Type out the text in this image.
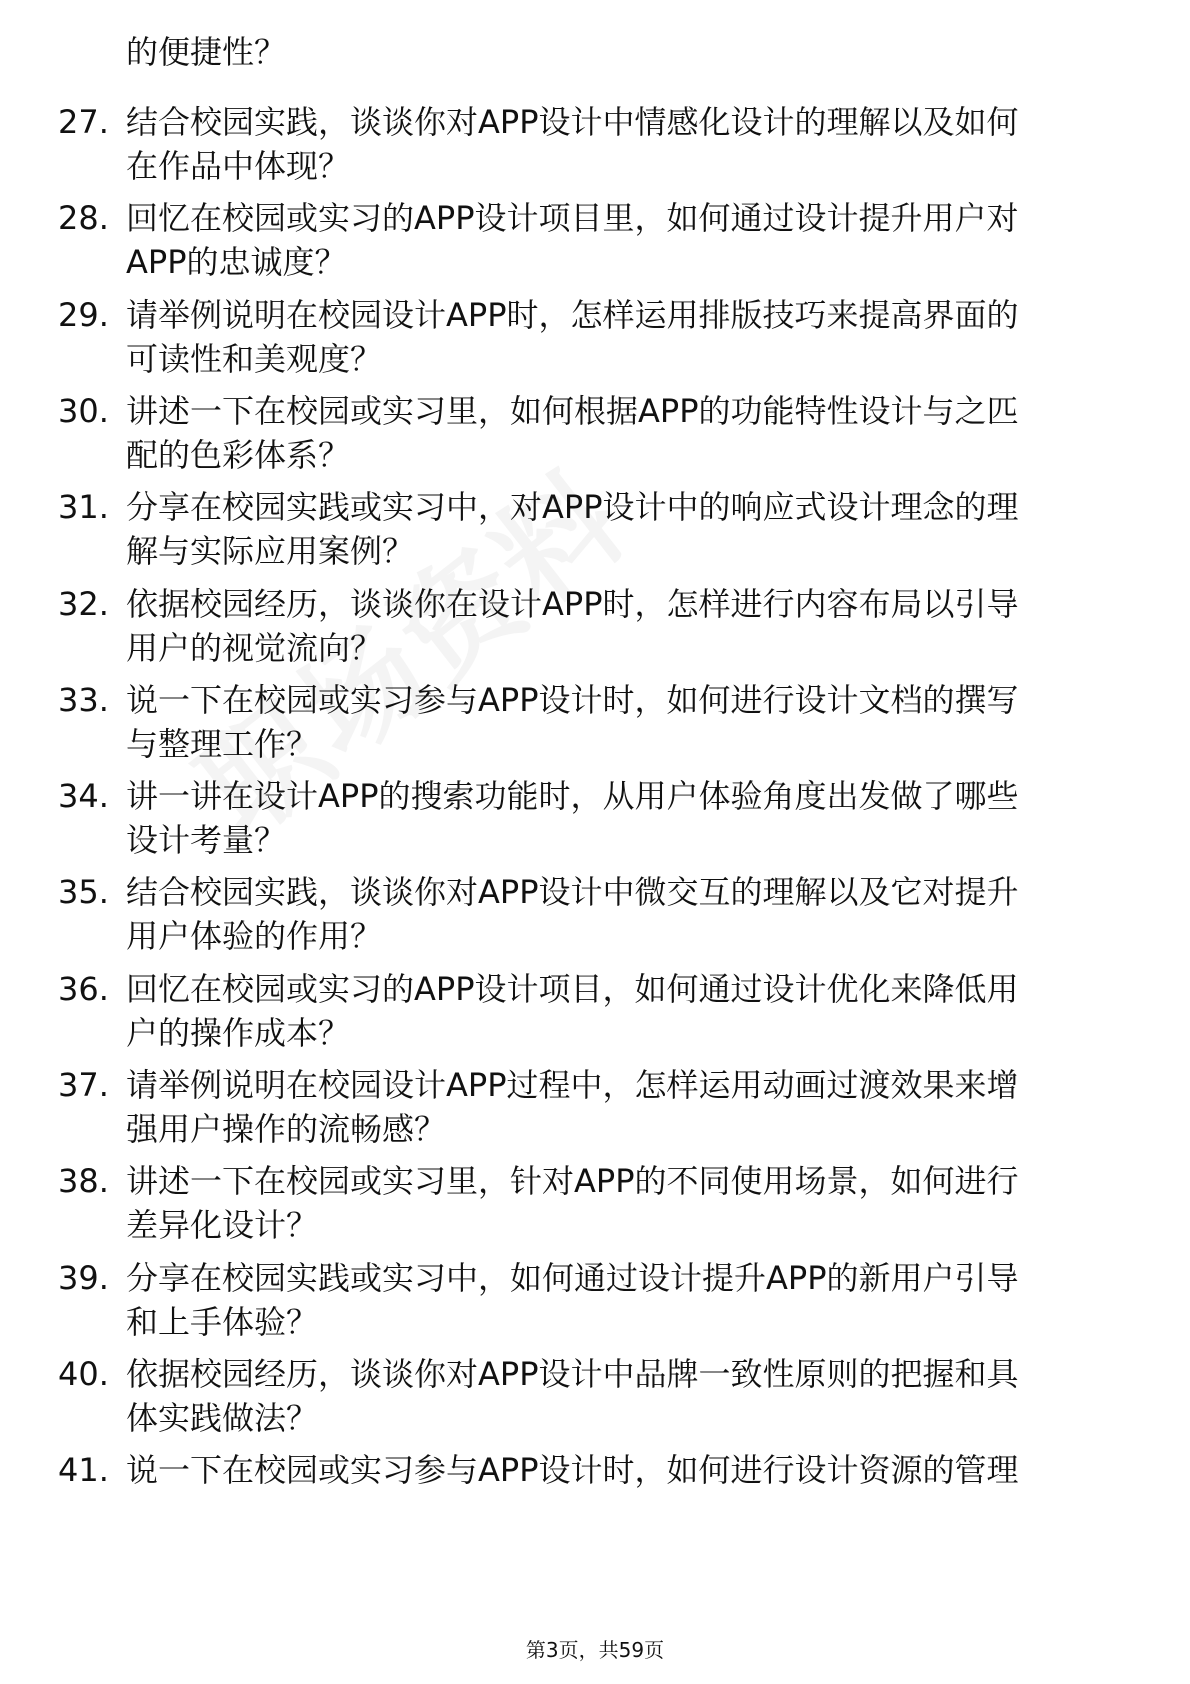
的便捷性？
27. 结合校园实践，谈谈你对APP设计中情感化设计的理解以及如何
在作品中体现？
28. 回忆在校园或实习的APP设计项目里，如何通过设计提升用户对
APP的忠诚度？
29. 请举例说明在校园设计APP时，怎样运用排版技巧来提高界面的
可读性和美观度？
30. 讲述一下在校园或实习里，如何根据APP的功能特性设计与之匹
配的色彩体系？
31. 分享在校园实践或实习中，对APP设计中的响应式设计理念的理
解与实际应用案例？
32. 依据校园经历，谈谈你在设计APP时，怎样进行内容布局以引导
用户的视觉流向？
33. 说一下在校园或实习参与APP设计时，如何进行设计文档的撰写
与整理工作？
34. 讲一讲在设计APP的搜索功能时，从用户体验角度出发做了哪些
设计考量？
35. 结合校园实践，谈谈你对APP设计中微交互的理解以及它对提升
用户体验的作用？
36. 回忆在校园或实习的APP设计项目，如何通过设计优化来降低用
户的操作成本？
37. 请举例说明在校园设计APP过程中，怎样运用动画过渡效果来增
强用户操作的流畅感？
38. 讲述一下在校园或实习里，针对APP的不同使用场景，如何进行
差异化设计？
39. 分享在校园实践或实习中，如何通过设计提升APP的新用户引导
和上手体验？
40. 依据校园经历，谈谈你对APP设计中品牌一致性原则的把握和具
体实践做法？
41. 说一下在校园或实习参与APP设计时，如何进行设计资源的管理
第3页，共59页
